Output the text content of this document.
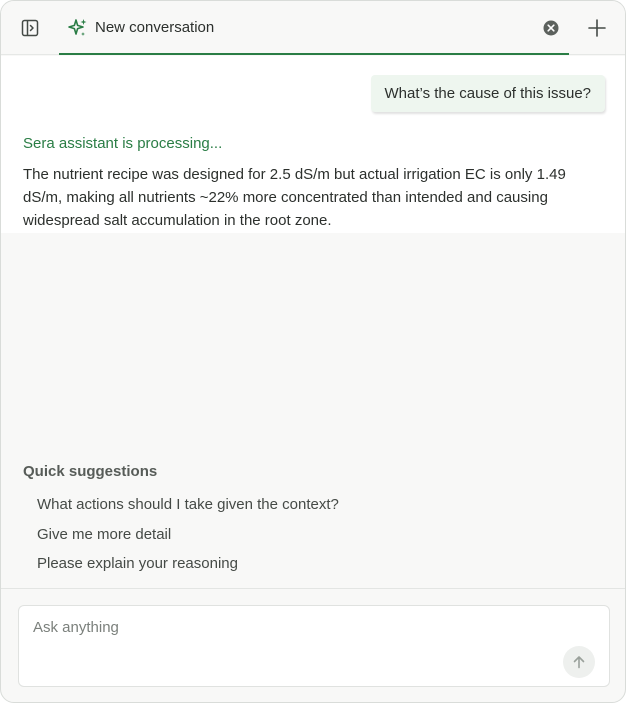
New conversation
What’s the cause of this issue?
Sera assistant is processing...
The nutrient recipe was designed for 2.5 dS/m but actual irrigation EC is only 1.49 dS/m, making all nutrients ~22% more concentrated than intended and causing widespread salt accumulation in the root zone.
Quick suggestions
What actions should I take given the context?
Give me more detail
Please explain your reasoning
Ask anything
